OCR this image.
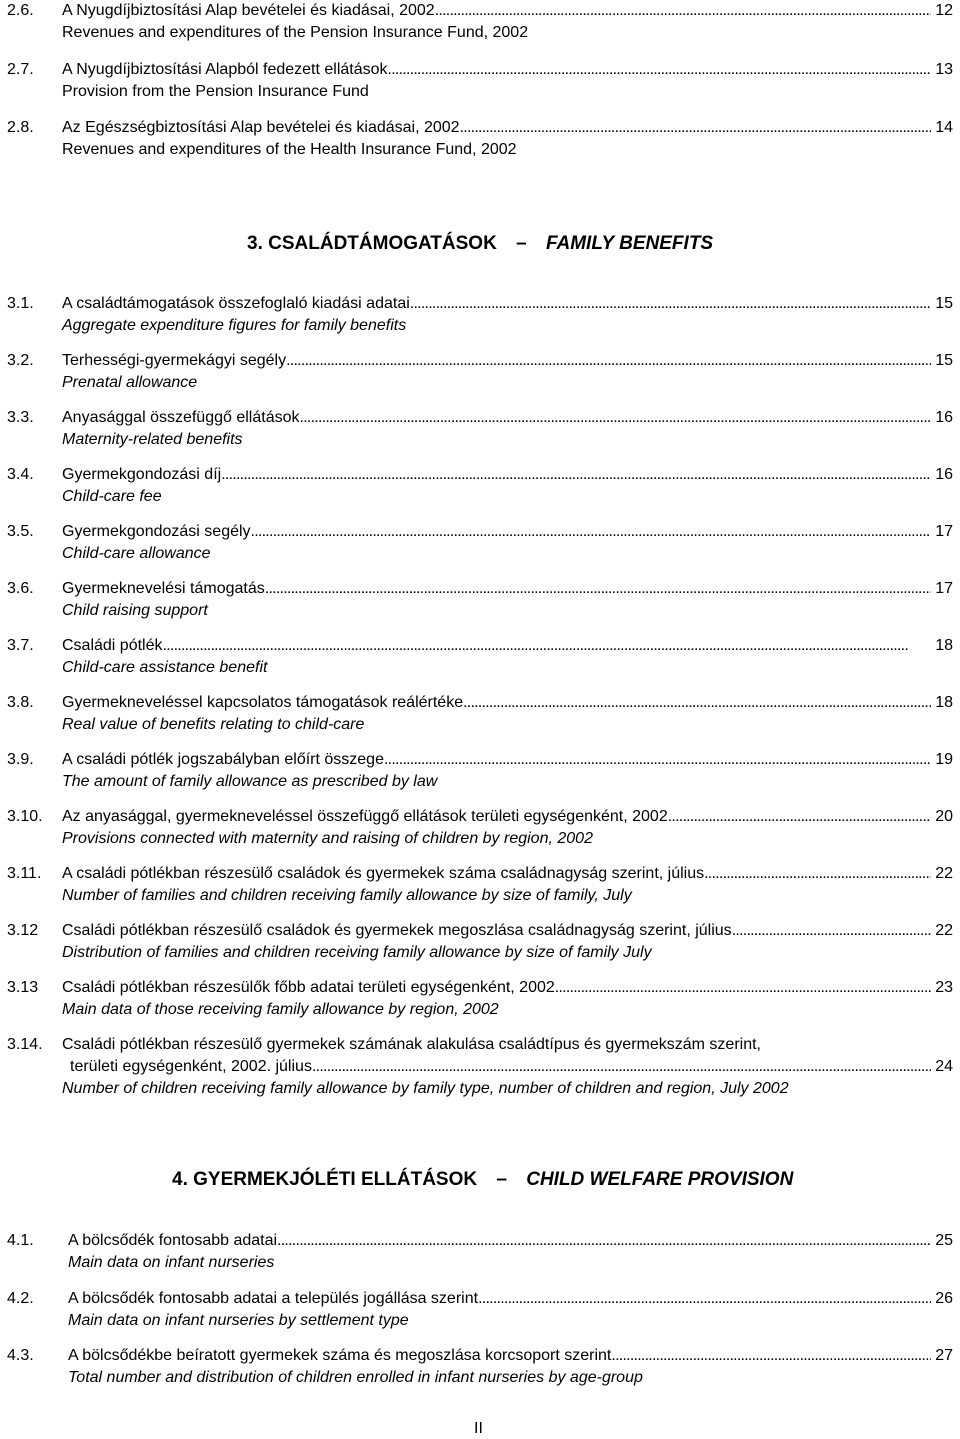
2.6. A Nyugdíjbiztosítási Alap bevételei és kiadásai, 2002 . . .	12
Revenues and expenditures of the Pension Insurance Fund, 2002
2.7. A Nyugdíjbiztosítási Alapból fedezett ellátások . . .	13
Provision from the Pension Insurance Fund
2.8. Az Egészségbiztosítási Alap bevételei és kiadásai, 2002 . . .	14
Revenues and expenditures of the Health Insurance Fund, 2002
3. CSALÁDTÁMOGATÁSOK – FAMILY BENEFITS
3.1. A családtámogatások összefoglaló kiadási adatai . . .	15
Aggregate expenditure figures for family benefits
3.2. Terhességi-gyermekágyi segély . . .	15
Prenatal allowance
3.3. Anyasággal összefüggő ellátások . . .	16
Maternity-related benefits
3.4. Gyermekgondozási díj . . .	16
Child-care fee
3.5. Gyermekgondozási segély . . .	17
Child-care allowance
3.6. Gyermeknevelési támogatás . . .	17
Child raising support
3.7. Családi pótlék . . .	18
Child-care assistance benefit
3.8. Gyermekneveléssel kapcsolatos támogatások reálértéke . . .	18
Real value of benefits relating to child-care
3.9. A családi pótlék jogszabályban előírt összege . . .	19
The amount of family allowance as prescribed by law
3.10. Az anyasággal, gyermekneveléssel összefüggő ellátások területi egységenként, 2002 . . .	20
Provisions connected with maternity and raising of children by region, 2002
3.11. A családi pótlékban részesülő családok és gyermekek száma családnagyság szerint, július . . .	22
Number of families and children receiving family allowance by size of family, July
3.12 Családi pótlékban részesülő családok és gyermekek megoszlása családnagyság szerint, július . . .	22
Distribution of families and children receiving family allowance by size of family July
3.13 Családi pótlékban részesülők főbb adatai területi egységenként, 2002 . . .	23
Main data of those receiving family allowance by region, 2002
3.14. Családi pótlékban részesülő gyermekek számának alakulása családtípus és gyermekszám szerint,
területi egységenként, 2002. július . . .	24
Number of children receiving family allowance by family type, number of children and region, July 2002
4. GYERMEKJÓLÉTI ELLÁTÁSOK – CHILD WELFARE PROVISION
4.1. A bölcsődék fontosabb adatai . . .	25
Main data on infant nurseries
4.2. A bölcsődék fontosabb adatai a település jogállása szerint . . .	26
Main data on infant nurseries by settlement type
4.3. A bölcsődékbe beíratott gyermekek száma és megoszlása korcsoport szerint . . .	27
Total number and distribution of children enrolled in infant nurseries by age-group
II
